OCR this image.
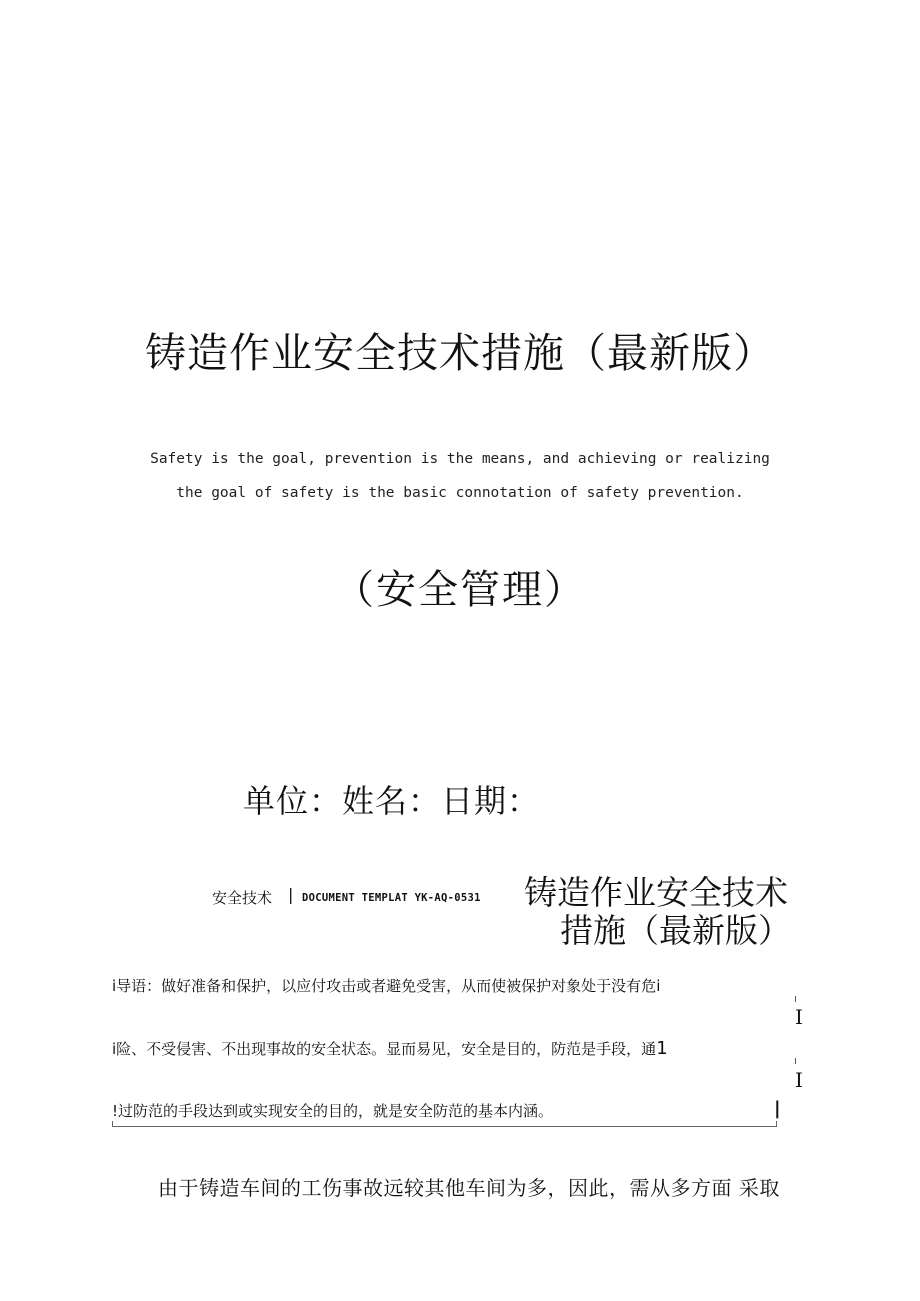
铸造作业安全技术措施（最新版）
Safety is the goal, prevention is the means, and achieving or realizing
the goal of safety is the basic connotation of safety prevention.
（安全管理）
单位：姓名：日期：
安全技术 | DOCUMENT TEMPLAT YK-AQ-0531 铸造作业安全技术
措施（最新版）
i导语：做好准备和保护，以应付攻击或者避免受害，从而使被保护对象处于没有危i
I
i险、不受侵害、不出现事故的安全状态。显而易见，安全是目的，防范是手段，通1
I
!过防范的手段达到或实现安全的目的，就是安全防范的基本内涵。	|
由于铸造车间的工伤事故远较其他车间为多，因此，需从多方面 采取
